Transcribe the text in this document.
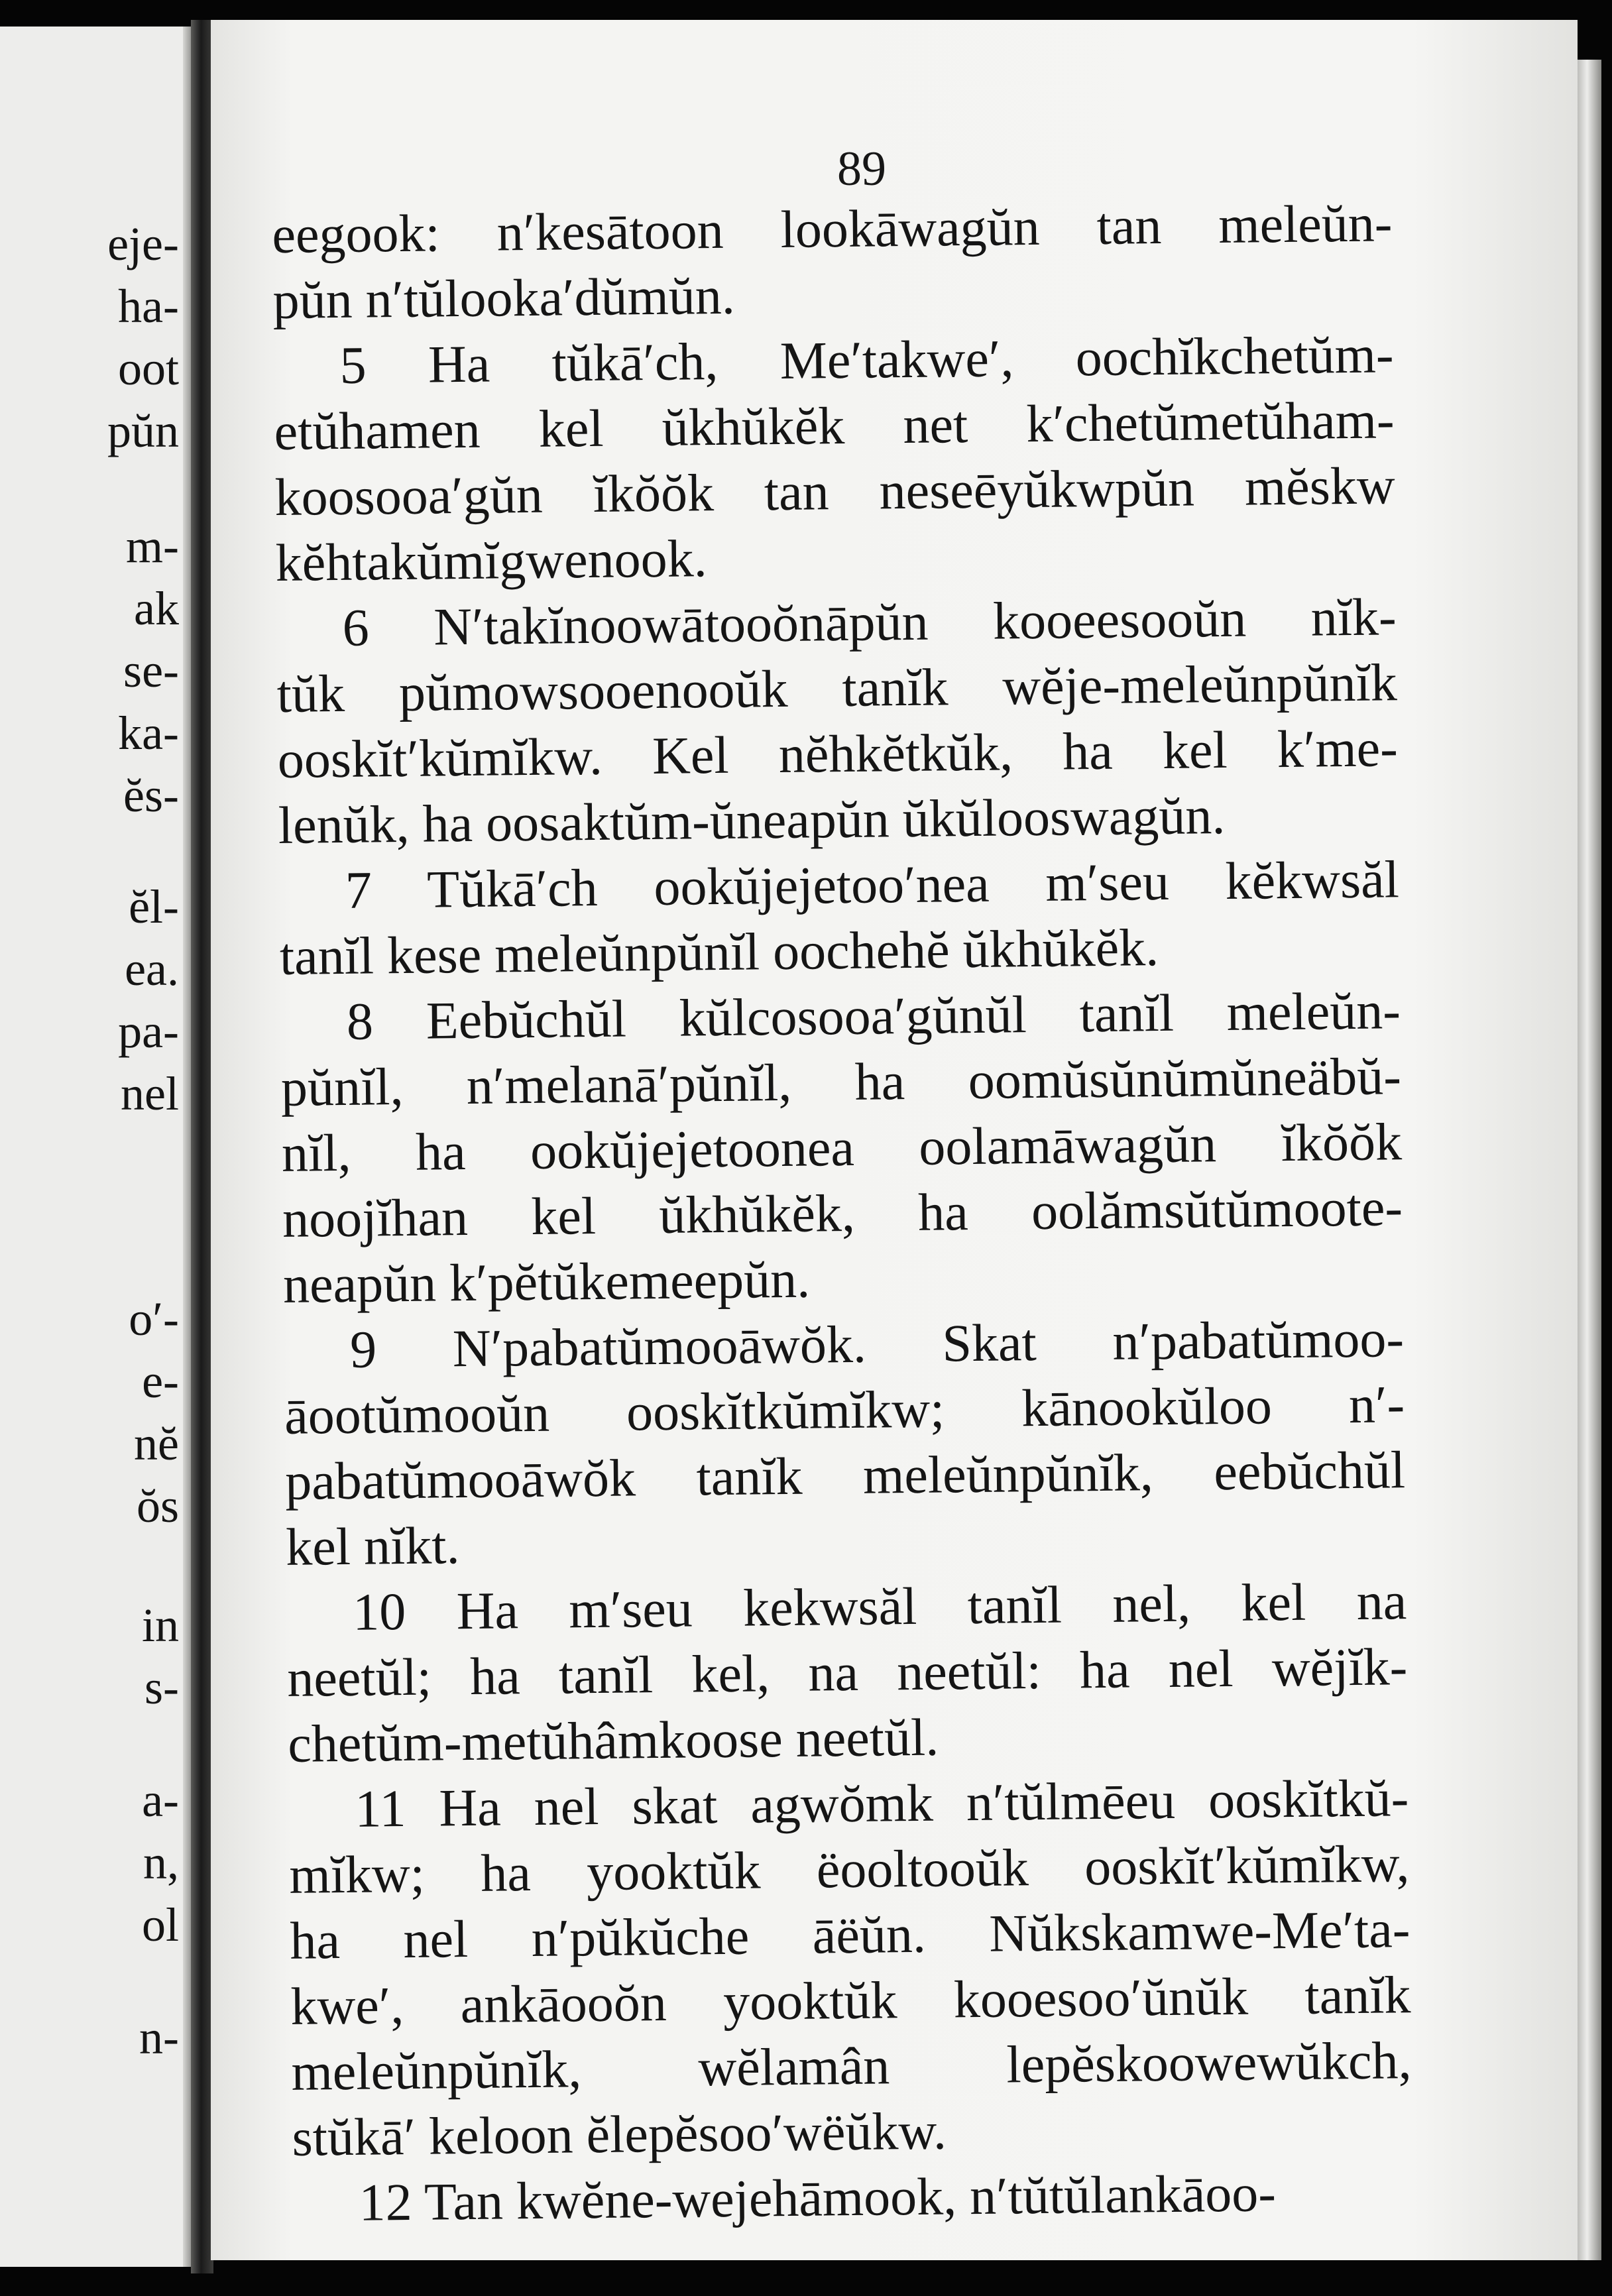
eje-
ha-
oot
pŭn
m-
ak
se-
ka-
ĕs-
ĕl-
ea.
pa-
nel
o′-
e-
nĕ
ŏs
in
s-
a-
n,
ol
n-
89
eegook: n′kesātoon lookāwagŭn tan meleŭn-
pŭn n′tŭlooka′dŭmŭn.
5 Ha tŭkā′ch, Me′takwe′, oochĭkchetŭm-
etŭhamen kel ŭkhŭkĕk net k′chetŭmetŭham-
koosooa′gŭn ĭkŏŏk tan neseēyŭkwpŭn mĕskw
kĕhtakŭmĭgwenook.
6 N′takĭnoowātooŏnāpŭn kooeesooŭn nĭk-
tŭk pŭmowsooenooŭk tanĭk wĕje-meleŭnpŭnĭk
ooskĭt′kŭmĭkw. Kel nĕhkĕtkŭk, ha kel k′me-
lenŭk, ha oosaktŭm-ŭneapŭn ŭkŭlooswagŭn.
7 Tŭkā′ch ookŭjejetoo′nea m′seu kĕkwsăl
tanĭl kese meleŭnpŭnĭl oochehĕ ŭkhŭkĕk.
8 Eebŭchŭl kŭlcosooa′gŭnŭl tanĭl meleŭn-
pŭnĭl, n′melanā′pŭnĭl, ha oomŭsŭnŭmŭneäbŭ-
nĭl, ha ookŭjejetoonea oolamāwagŭn ĭkŏŏk
noojĭhan kel ŭkhŭkĕk, ha oolămsŭtŭmoote-
neapŭn k′pĕtŭkemeepŭn.
9 N′pabatŭmooāwŏk. Skat n′pabatŭmoo-
āootŭmooŭn ooskĭtkŭmĭkw; kānookŭloo n′-
pabatŭmooāwŏk tanĭk meleŭnpŭnĭk, eebŭchŭl
kel nĭkt.
10 Ha m′seu kekwsăl tanĭl nel, kel na
neetŭl; ha tanĭl kel, na neetŭl: ha nel wĕjĭk-
chetŭm-metŭhâmkoose neetŭl.
11 Ha nel skat agwŏmk n′tŭlmēeu ooskĭtkŭ-
mĭkw; ha yooktŭk ëooltooŭk ooskĭt′kŭmĭkw,
ha nel n′pŭkŭche āëŭn. Nŭkskamwe-Me′ta-
kwe′, ankāooŏn yooktŭk kooesoo′ŭnŭk tanĭk
meleŭnpŭnĭk, wĕlamân lepĕskoowewŭkch,
stŭkā′ keloon ĕlepĕsoo′wëŭkw.
12 Tan kwĕne-wejehāmook, n′tŭtŭlankāoo-
